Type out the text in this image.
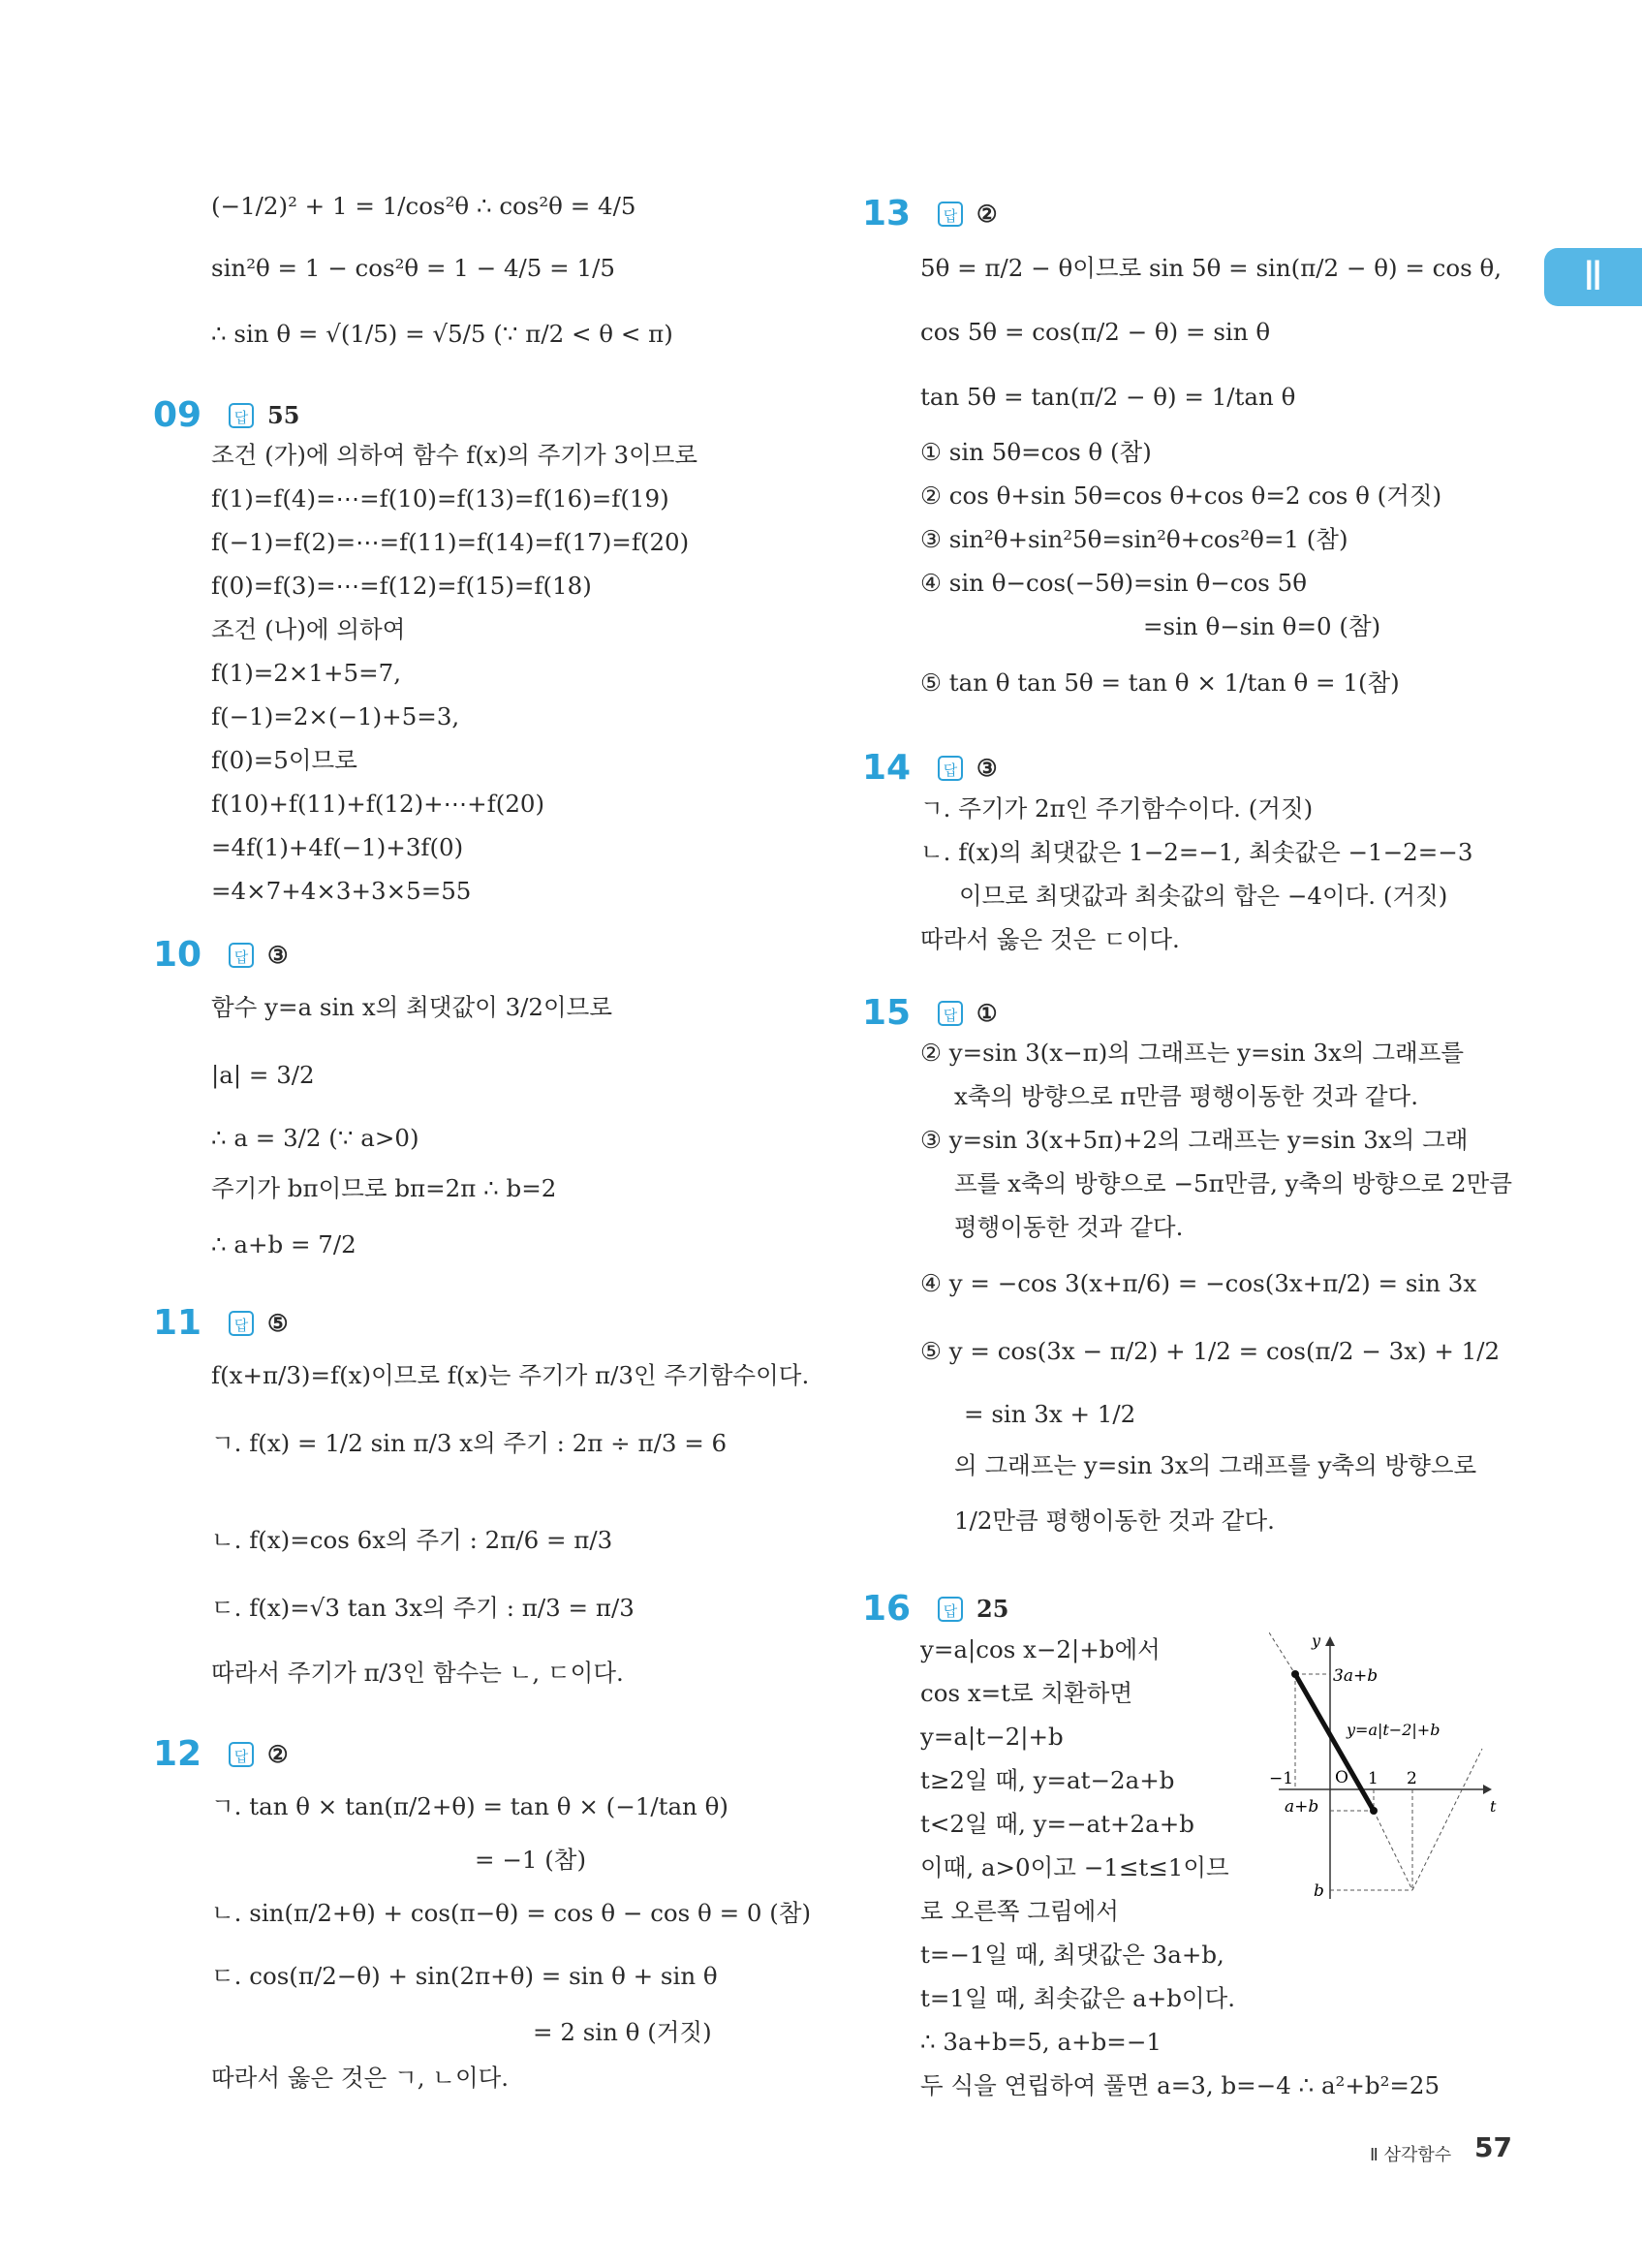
Ⅱ
(−1/2)² + 1 = 1/cos²θ ∴ cos²θ = 4/5
sin²θ = 1 − cos²θ = 1 − 4/5 = 1/5
∴ sin θ = √(1/5) = √5/5 (∵ π/2 < θ < π)
09	답 55
조건 (가)에 의하여 함수 f(x)의 주기가 3이므로
f(1)=f(4)=⋯=f(10)=f(13)=f(16)=f(19)
f(−1)=f(2)=⋯=f(11)=f(14)=f(17)=f(20)
f(0)=f(3)=⋯=f(12)=f(15)=f(18)
조건 (나)에 의하여
f(1)=2×1+5=7,
f(−1)=2×(−1)+5=3,
f(0)=5이므로
f(10)+f(11)+f(12)+⋯+f(20)
=4f(1)+4f(−1)+3f(0)
=4×7+4×3+3×5=55
10	답 ③
함수 y=a sin x의 최댓값이 3/2이므로
|a| = 3/2
∴ a = 3/2 (∵ a>0)
주기가 bπ이므로 bπ=2π ∴ b=2
∴ a+b = 7/2
11	답 ⑤
f(x+π/3)=f(x)이므로 f(x)는 주기가 π/3인 주기함수이다.
ㄱ. f(x) = 1/2 sin π/3 x의 주기 : 2π ÷ π/3 = 6
ㄴ. f(x)=cos 6x의 주기 : 2π/6 = π/3
ㄷ. f(x)=√3 tan 3x의 주기 : π/3 = π/3
따라서 주기가 π/3인 함수는 ㄴ, ㄷ이다.
12	답 ②
ㄱ. tan θ × tan(π/2+θ) = tan θ × (−1/tan θ)
= −1 (참)
ㄴ. sin(π/2+θ) + cos(π−θ) = cos θ − cos θ = 0 (참)
ㄷ. cos(π/2−θ) + sin(2π+θ) = sin θ + sin θ
= 2 sin θ (거짓)
따라서 옳은 것은 ㄱ, ㄴ이다.
13	답 ②
5θ = π/2 − θ이므로 sin 5θ = sin(π/2 − θ) = cos θ,
cos 5θ = cos(π/2 − θ) = sin θ
tan 5θ = tan(π/2 − θ) = 1/tan θ
① sin 5θ=cos θ (참)
② cos θ+sin 5θ=cos θ+cos θ=2 cos θ (거짓)
③ sin²θ+sin²5θ=sin²θ+cos²θ=1 (참)
④ sin θ−cos(−5θ)=sin θ−cos 5θ
=sin θ−sin θ=0 (참)
⑤ tan θ tan 5θ = tan θ × 1/tan θ = 1(참)
14	답 ③
ㄱ. 주기가 2π인 주기함수이다. (거짓)
ㄴ. f(x)의 최댓값은 1−2=−1, 최솟값은 −1−2=−3
이므로 최댓값과 최솟값의 합은 −4이다. (거짓)
따라서 옳은 것은 ㄷ이다.
15	답 ①
② y=sin 3(x−π)의 그래프는 y=sin 3x의 그래프를
x축의 방향으로 π만큼 평행이동한 것과 같다.
③ y=sin 3(x+5π)+2의 그래프는 y=sin 3x의 그래
프를 x축의 방향으로 −5π만큼, y축의 방향으로 2만큼
평행이동한 것과 같다.
④ y = −cos 3(x+π/6) = −cos(3x+π/2) = sin 3x
⑤ y = cos(3x − π/2) + 1/2 = cos(π/2 − 3x) + 1/2
= sin 3x + 1/2
의 그래프는 y=sin 3x의 그래프를 y축의 방향으로
1/2만큼 평행이동한 것과 같다.
16	답 25
y=a|cos x−2|+b에서
cos x=t로 치환하면
y=a|t−2|+b
t≥2일 때, y=at−2a+b
t<2일 때, y=−at+2a+b
이때, a>0이고 −1≤t≤1이므
로 오른쪽 그림에서
t=−1일 때, 최댓값은 3a+b,
t=1일 때, 최솟값은 a+b이다.
∴ 3a+b=5, a+b=−1
두 식을 연립하여 풀면 a=3, b=−4 ∴ a²+b²=25
y
t
O
−1	1 2
3a+b
a+b
b
y=a|t−2|+b
Ⅱ 삼각함수 57
